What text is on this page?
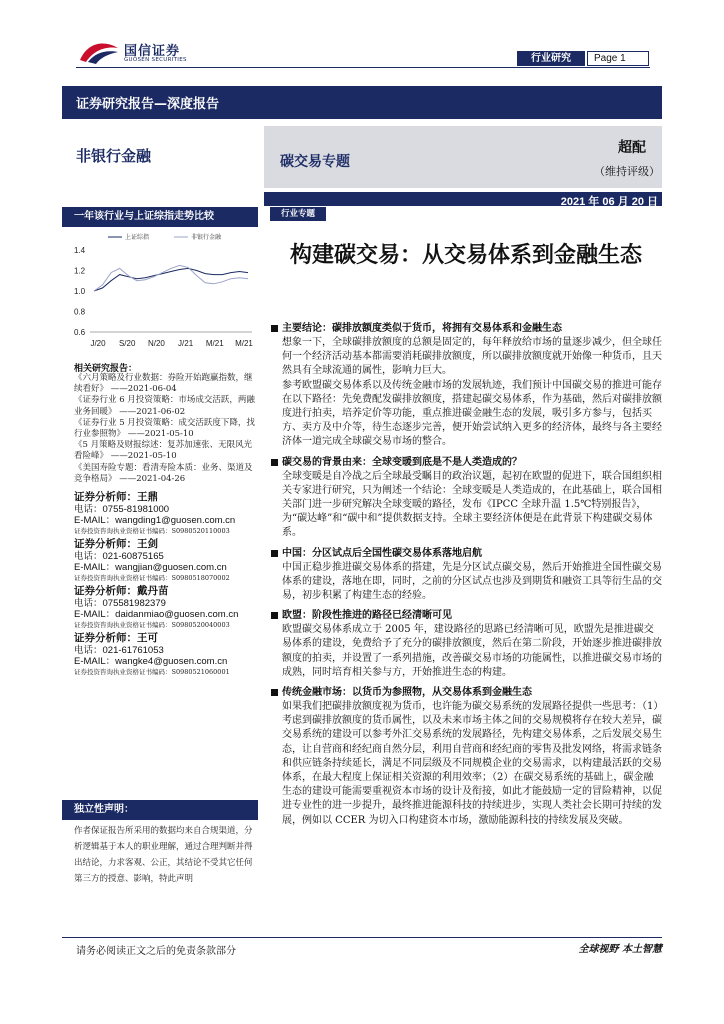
国信证券
GUOSEN SECURITIES	行业研究	Page 1
证券研究报告—深度报告
非银行金融	碳交易专题
超配
（维持评级）
2021 年 06 月 20 日
一年该行业与上证综指走势比较
上证综指	非银行金融
1.4
1.2
1.0
0.8
0.6
J/20 S/20 N/20 J/21 M/21 M/21
相关研究报告：
《六月策略及行业数据：券险开始跑赢指数，继续看好》 ——2021-06-04
《证券行业 6 月投资策略：市场成交活跃，两融业务回暖》 ——2021-06-02
《证券行业 5 月投资策略：成交活跃度下降，找行业参照物》 ——2021-05-10
《5 月策略及财报综述：复苏加速张、无限风光看险峰》 ——2021-05-10
《美国寿险专题：看清寿险本质：业务、渠道及竞争格局》 ——2021-04-26
证券分析师：王鼎
电话：0755-81981000
E-MAIL：wangding1@guosen.com.cn
证券投资咨询执业资格证书编码：S0980520110003
证券分析师：王剑
电话：021-60875165
E-MAIL：wangjian@guosen.com.cn
证券投资咨询执业资格证书编码：S0980518070002
证券分析师：戴丹苗
电话：075581982379
E-MAIL：daidanmiao@guosen.com.cn
证券投资咨询执业资格证书编码：S0980520040003
证券分析师：王可
电话：021-61761053
E-MAIL：wangke4@guosen.com.cn
证券投资咨询执业资格证书编码：S0980521060001
独立性声明：
作者保证报告所采用的数据均来自合规渠道，分析逻辑基于本人的职业理解，通过合理判断并得出结论，力求客观、公正，其结论不受其它任何第三方的授意、影响，特此声明
行业专题
构建碳交易：从交易体系到金融生态
主要结论：碳排放额度类似于货币，将拥有交易体系和金融生态
想象一下，全球碳排放额度的总额是固定的，每年释放给市场的量逐步减少，但全球任何一个经济活动基本都需要消耗碳排放额度，所以碳排放额度就开始像一种货币，且天然具有全球流通的属性，影响力巨大。
参考欧盟碳交易体系以及传统金融市场的发展轨迹，我们预计中国碳交易的推进可能存在以下路径：先免费配发碳排放额度，搭建起碳交易体系，作为基础，然后对碳排放额度进行拍卖，培养定价等功能，重点推进碳金融生态的发展，吸引多方参与，包括买方、卖方及中介等，待生态逐步完善，便开始尝试纳入更多的经济体，最终与各主要经济体一道完成全球碳交易市场的整合。
碳交易的背景由来：全球变暖到底是不是人类造成的？
全球变暖是自冷战之后全球最受瞩目的政治议题，起初在欧盟的促进下，联合国组织相关专家进行研究，只为阐述一个结论：全球变暖是人类造成的，在此基础上，联合国相关部门进一步研究解决全球变暖的路径，发布《IPCC 全球升温 1.5℃特别报告》，为“碳达峰”和“碳中和”提供数据支持。全球主要经济体便是在此背景下构建碳交易体系。
中国：分区试点后全国性碳交易体系落地启航
中国正稳步推进碳交易体系的搭建，先是分区试点碳交易，然后开始推进全国性碳交易体系的建设，落地在即，同时，之前的分区试点也涉及到期货和融资工具等衍生品的交易，初步积累了构建生态的经验。
欧盟：阶段性推进的路径已经清晰可见
欧盟碳交易体系成立于 2005 年，建设路径的思路已经清晰可见，欧盟先是推进碳交易体系的建设，免费给予了充分的碳排放额度，然后在第二阶段，开始逐步推进碳排放额度的拍卖，并设置了一系列措施，改善碳交易市场的功能属性，以推进碳交易市场的成熟，同时培育相关参与方，开始推进生态的构建。
传统金融市场：以货币为参照物，从交易体系到金融生态
如果我们把碳排放额度视为货币，也许能为碳交易系统的发展路径提供一些思考：（1）考虑到碳排放额度的货币属性，以及未来市场主体之间的交易规模将存在较大差异，碳交易系统的建设可以参考外汇交易系统的发展路径，先构建交易体系，之后发展交易生态，让自营商和经纪商自然分层，利用自营商和经纪商的零售及批发网络，将需求链条和供应链条持续延长，满足不同层级及不同规模企业的交易需求，以构建最活跃的交易体系，在最大程度上保证相关资源的利用效率；（2）在碳交易系统的基础上，碳金融生态的建设可能需要重视资本市场的设计及衔接，如此才能鼓励一定的冒险精神，以促进专业性的进一步提升，最终推进能源科技的持续进步，实现人类社会长期可持续的发展，例如以 CCER 为切入口构建资本市场，激励能源科技的持续发展及突破。
请务必阅读正文之后的免责条款部分	全球视野 本土智慧
